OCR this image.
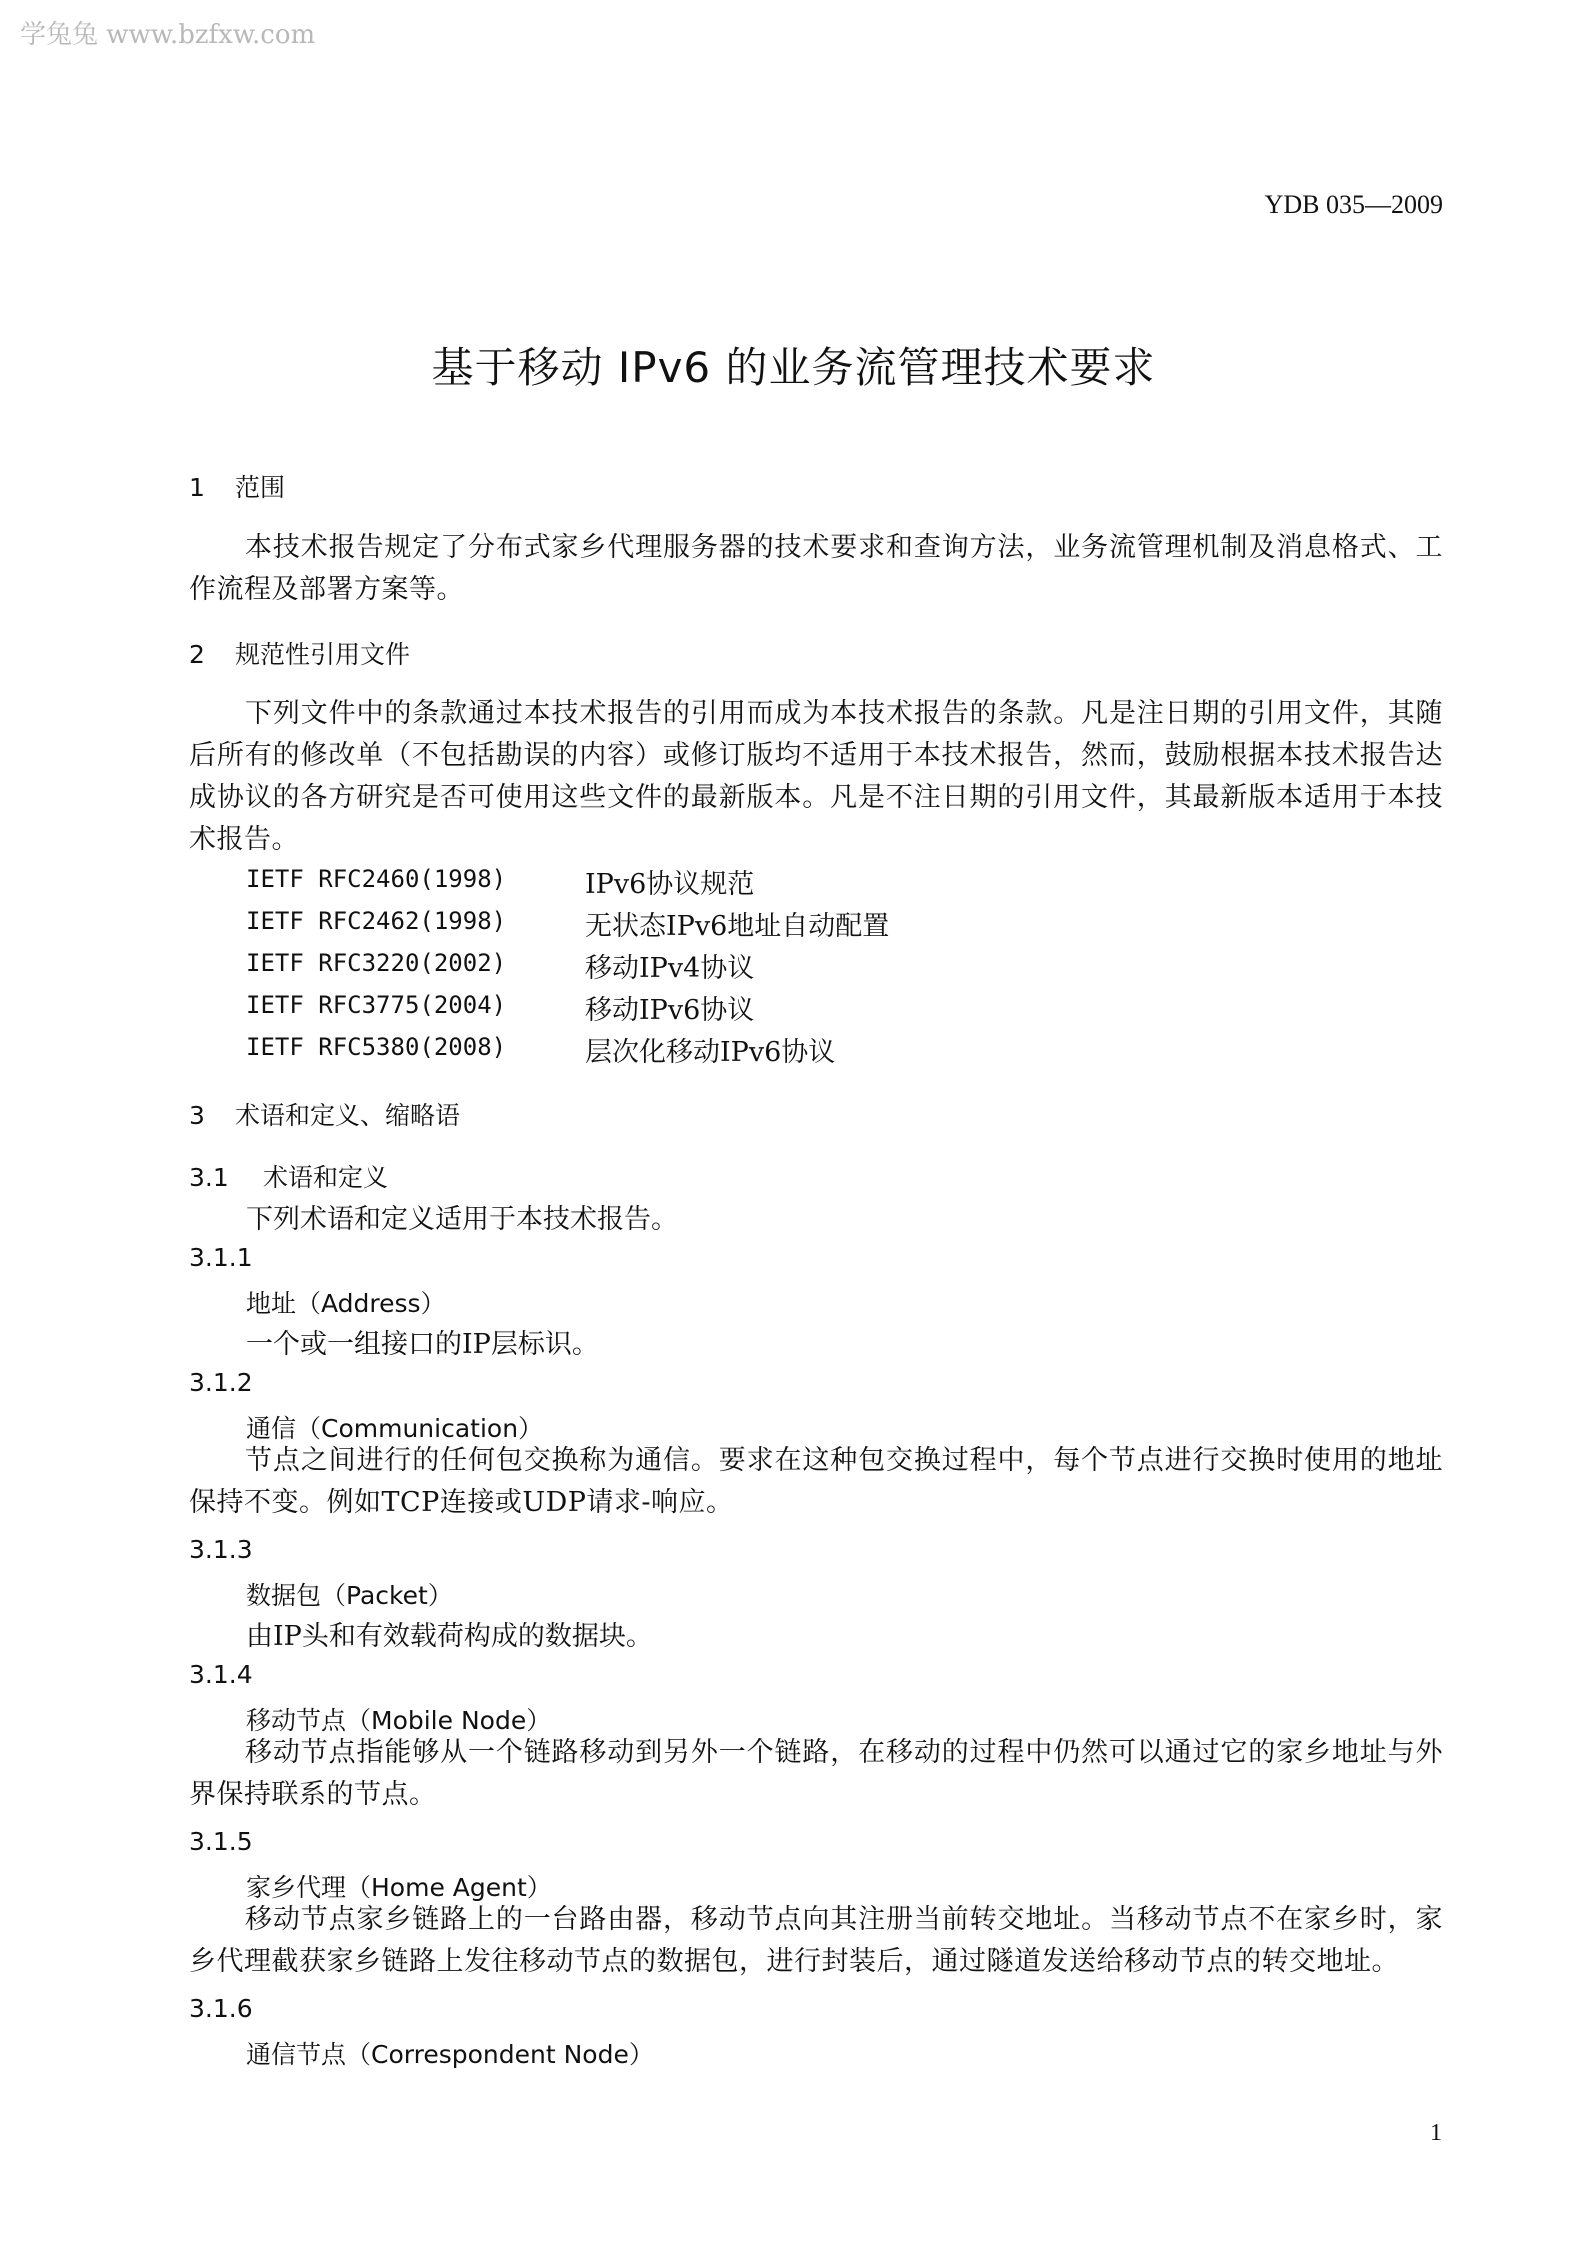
学兔兔 www.bzfxw.com
YDB 035—2009
基于移动 IPv6 的业务流管理技术要求
1 范围
本技术报告规定了分布式家乡代理服务器的技术要求和查询方法，业务流管理机制及消息格式、工作流程及部署方案等。
2 规范性引用文件
下列文件中的条款通过本技术报告的引用而成为本技术报告的条款。凡是注日期的引用文件，其随后所有的修改单（不包括勘误的内容）或修订版均不适用于本技术报告，然而，鼓励根据本技术报告达成协议的各方研究是否可使用这些文件的最新版本。凡是不注日期的引用文件，其最新版本适用于本技术报告。
IETF RFC2460(1998)	IPv6协议规范
IETF RFC2462(1998)	无状态IPv6地址自动配置
IETF RFC3220(2002)	移动IPv4协议
IETF RFC3775(2004)	移动IPv6协议
IETF RFC5380(2008)	层次化移动IPv6协议
3 术语和定义、缩略语
3.1 术语和定义
下列术语和定义适用于本技术报告。
3.1.1
地址（Address）
一个或一组接口的IP层标识。
3.1.2
通信（Communication）
节点之间进行的任何包交换称为通信。要求在这种包交换过程中，每个节点进行交换时使用的地址保持不变。例如TCP连接或UDP请求-响应。
3.1.3
数据包（Packet）
由IP头和有效载荷构成的数据块。
3.1.4
移动节点（Mobile Node）
移动节点指能够从一个链路移动到另外一个链路，在移动的过程中仍然可以通过它的家乡地址与外界保持联系的节点。
3.1.5
家乡代理（Home Agent）
移动节点家乡链路上的一台路由器，移动节点向其注册当前转交地址。当移动节点不在家乡时，家乡代理截获家乡链路上发往移动节点的数据包，进行封装后，通过隧道发送给移动节点的转交地址。
3.1.6
通信节点（Correspondent Node）
1
